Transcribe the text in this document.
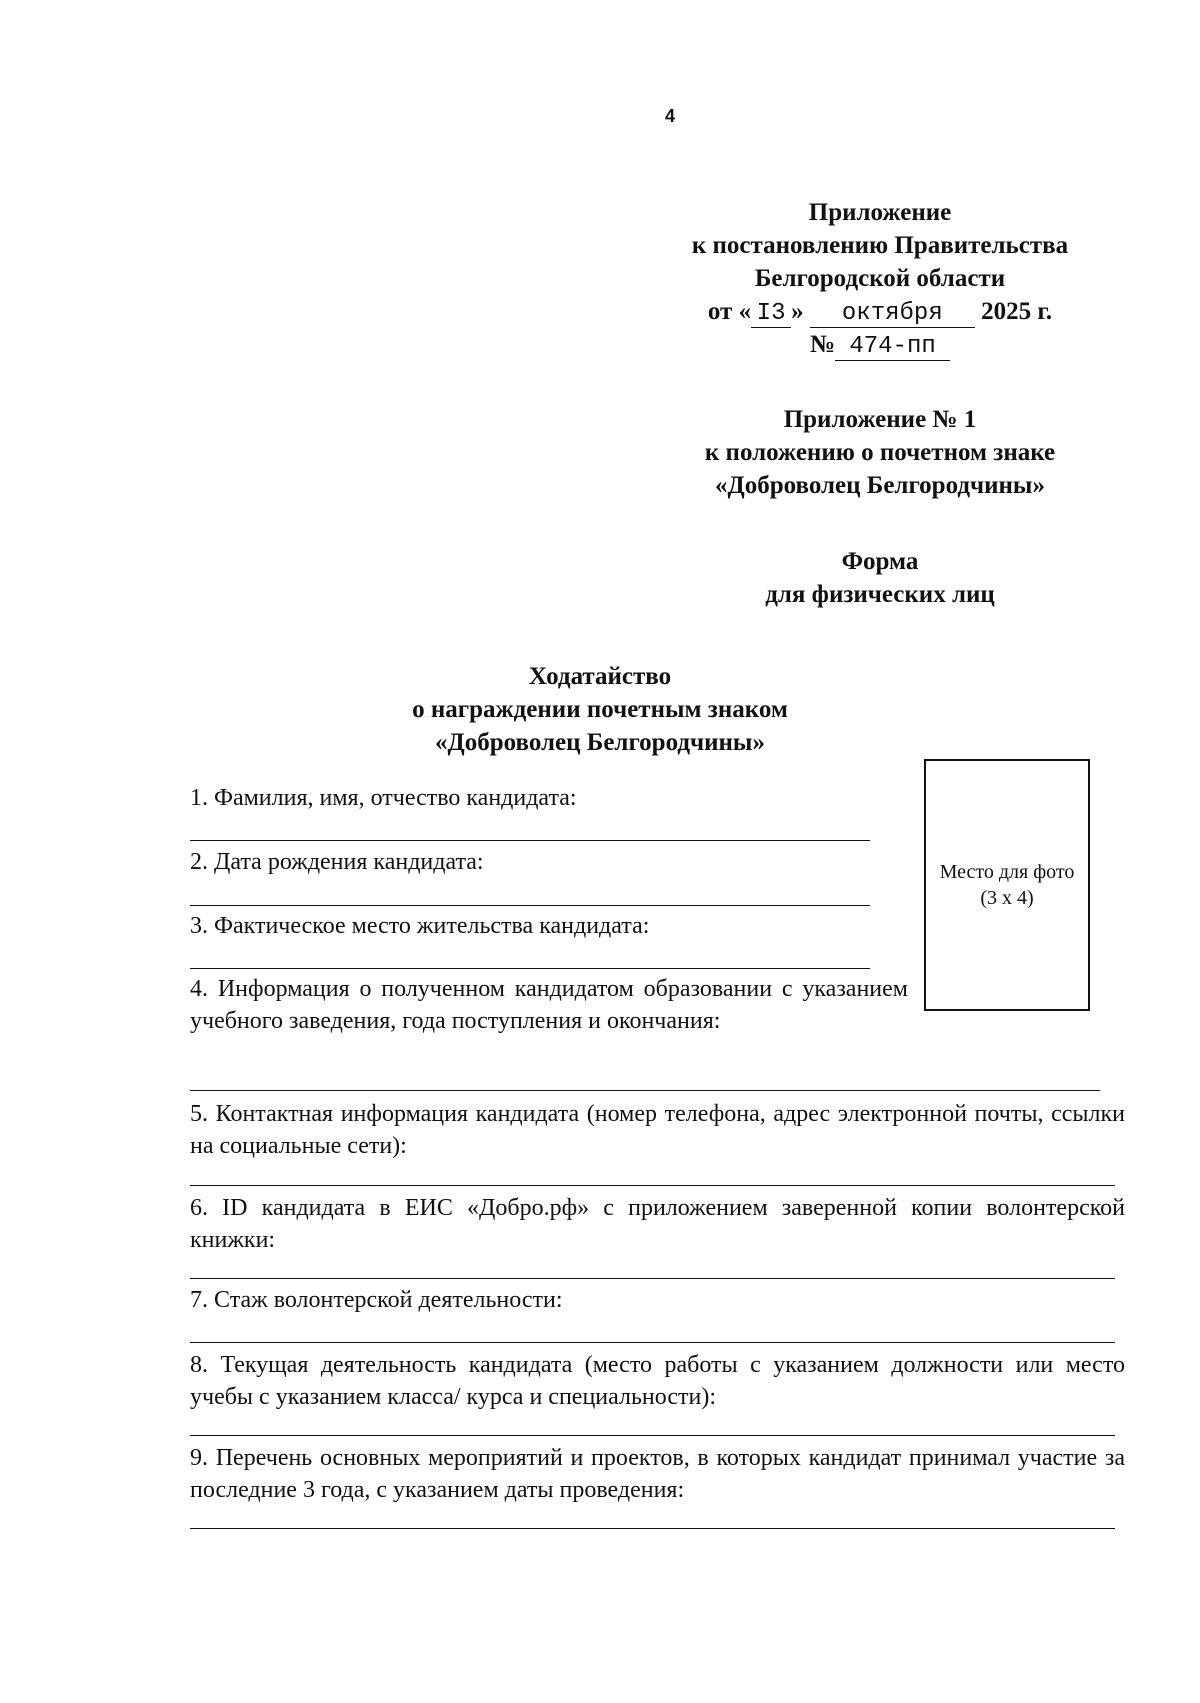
4
Приложение
к постановлению Правительства
Белгородской области
от « I3 » октября 2025 г.
№ 474-пп
Приложение № 1
к положению о почетном знаке
«Доброволец Белгородчины»
Форма
для физических лиц
Ходатайство
о награждении почетным знаком
«Доброволец Белгородчины»
Место для фото
(3 х 4)
1. Фамилия, имя, отчество кандидата:
2. Дата рождения кандидата:
3. Фактическое место жительства кандидата:
4. Информация о полученном кандидатом образовании с указанием учебного заведения, года поступления и окончания:
5. Контактная информация кандидата (номер телефона, адрес электронной почты, ссылки на социальные сети):
6. ID кандидата в ЕИС «Добро.рф» с приложением заверенной копии волонтерской книжки:
7. Стаж волонтерской деятельности:
8. Текущая деятельность кандидата (место работы с указанием должности или место учебы с указанием класса/ курса и специальности):
9. Перечень основных мероприятий и проектов, в которых кандидат принимал участие за последние 3 года, с указанием даты проведения:
